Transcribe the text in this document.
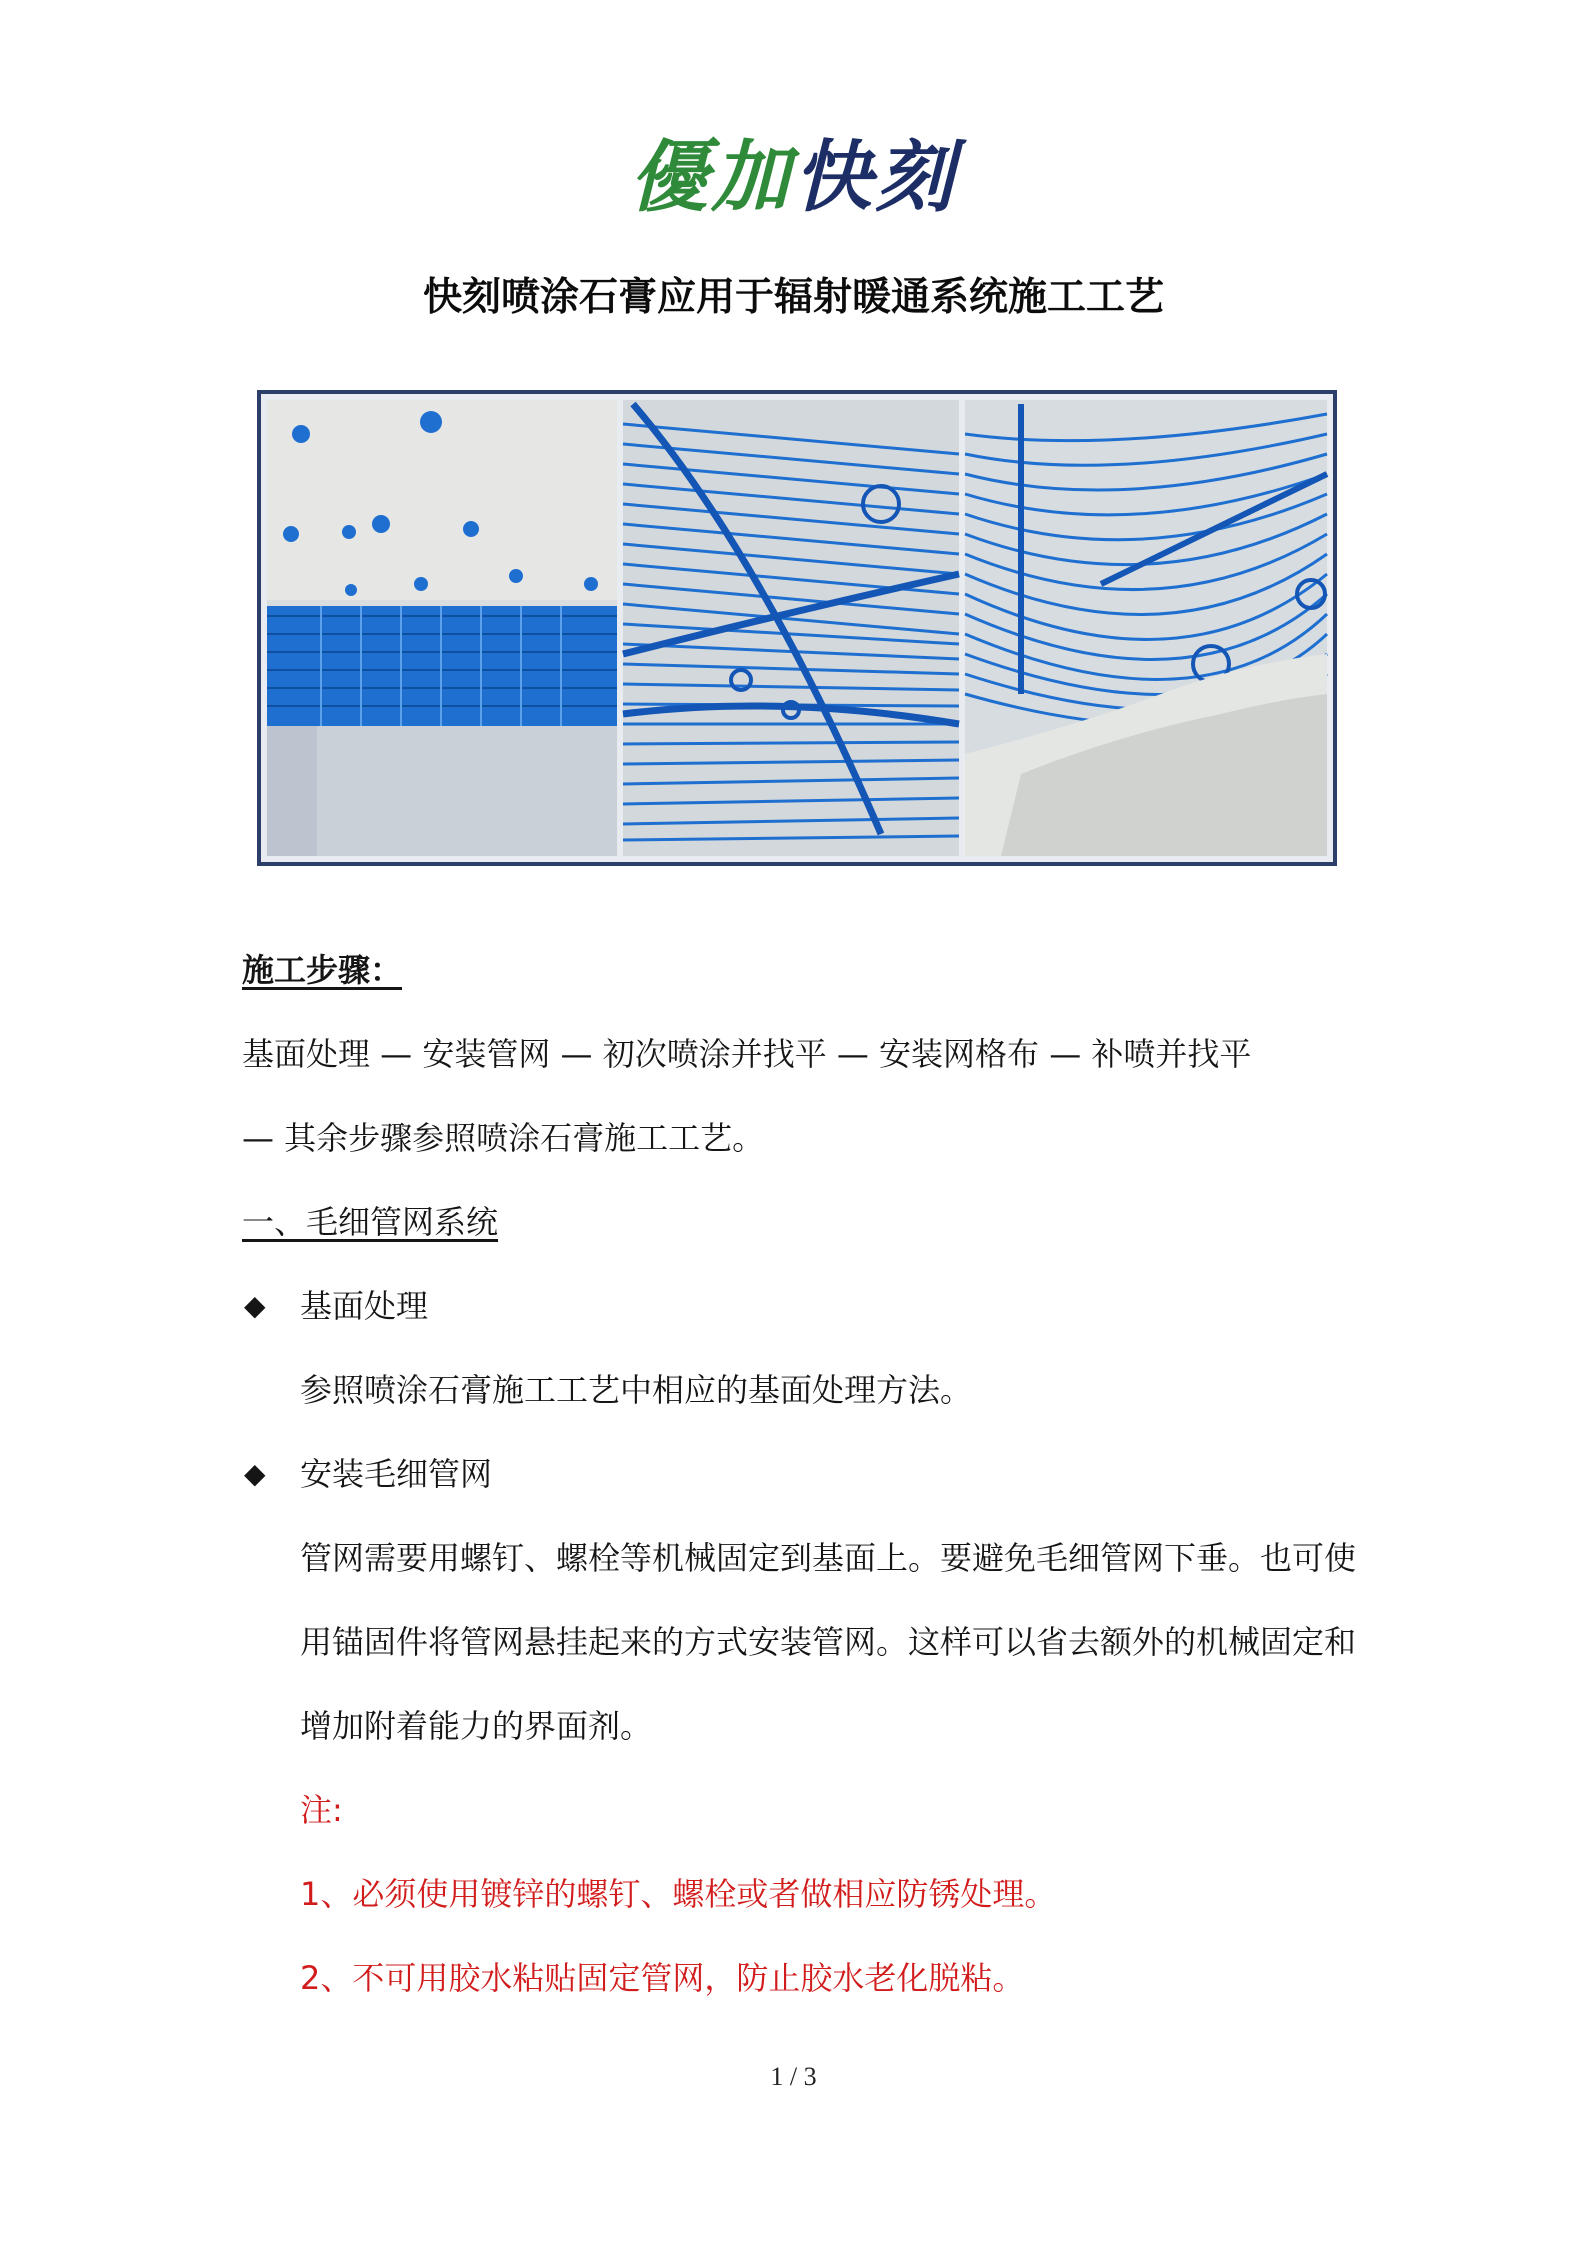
優加快刻
快刻喷涂石膏应用于辐射暖通系统施工工艺
施工步骤：
基面处理 — 安装管网 — 初次喷涂并找平 — 安装网格布 — 补喷并找平
— 其余步骤参照喷涂石膏施工工艺。
一、毛细管网系统
◆ 基面处理
参照喷涂石膏施工工艺中相应的基面处理方法。
◆ 安装毛细管网
管网需要用螺钉、螺栓等机械固定到基面上。要避免毛细管网下垂。也可使
用锚固件将管网悬挂起来的方式安装管网。这样可以省去额外的机械固定和
增加附着能力的界面剂。
注:
1、必须使用镀锌的螺钉、螺栓或者做相应防锈处理。
2、不可用胶水粘贴固定管网，防止胶水老化脱粘。
1 / 3
